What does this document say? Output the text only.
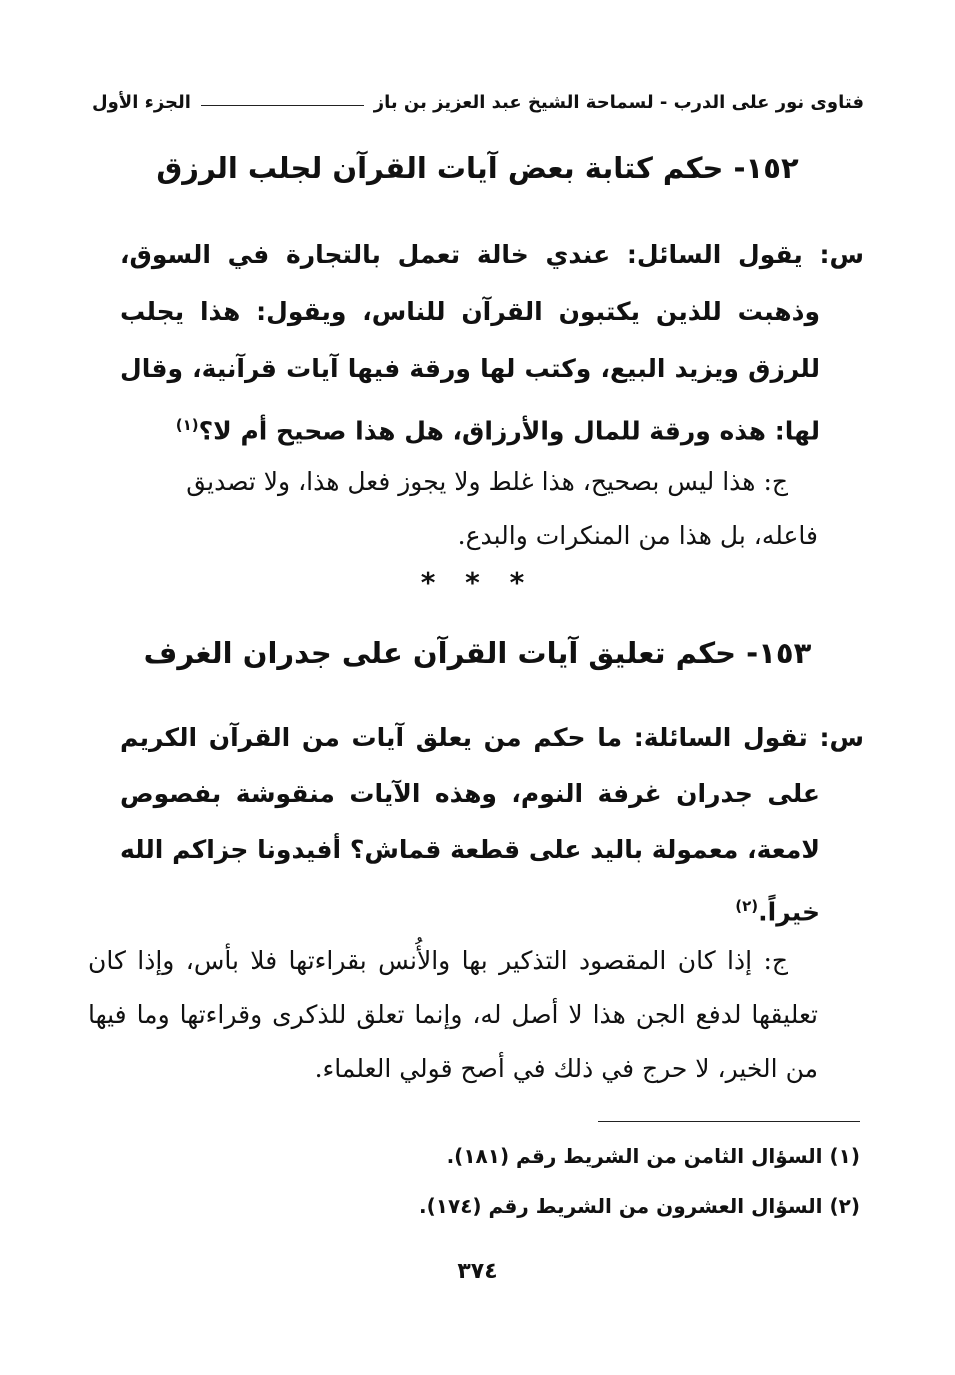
فتاوى نور على الدرب - لسماحة الشيخ عبد العزيز بن باز
الجزء الأول
١٥٢- حكم كتابة بعض آيات القرآن لجلب الرزق
س: يقول السائل: عندي خالة تعمل بالتجارة في السوق، وذهبت للذين يكتبون القرآن للناس، ويقول: هذا يجلب للرزق ويزيد البيع، وكتب لها ورقة فيها آيات قرآنية، وقال لها: هذه ورقة للمال والأرزاق، هل هذا صحيح أم لا؟$^{(١)}$
ج: هذا ليس بصحيح، هذا غلط ولا يجوز فعل هذا، ولا تصديق
فاعله، بل هذا من المنكرات والبدع.
* * *
١٥٣- حكم تعليق آيات القرآن على جدران الغرف
س: تقول السائلة: ما حكم من يعلق آيات من القرآن الكريم على جدران غرفة النوم، وهذه الآيات منقوشة بفصوص لامعة، معمولة باليد على قطعة قماش؟ أفيدونا جزاكم الله خيراً.$^{(٢)}$
ج: إذا كان المقصود التذكير بها والأُنس بقراءتها فلا بأس، وإذا كان تعليقها لدفع الجن هذا لا أصل له، وإنما تعلق للذكرى وقراءتها وما فيها من الخير، لا حرج في ذلك في أصح قولي العلماء.
(١) السؤال الثامن من الشريط رقم (١٨١).
(٢) السؤال العشرون من الشريط رقم (١٧٤).
٣٧٤
